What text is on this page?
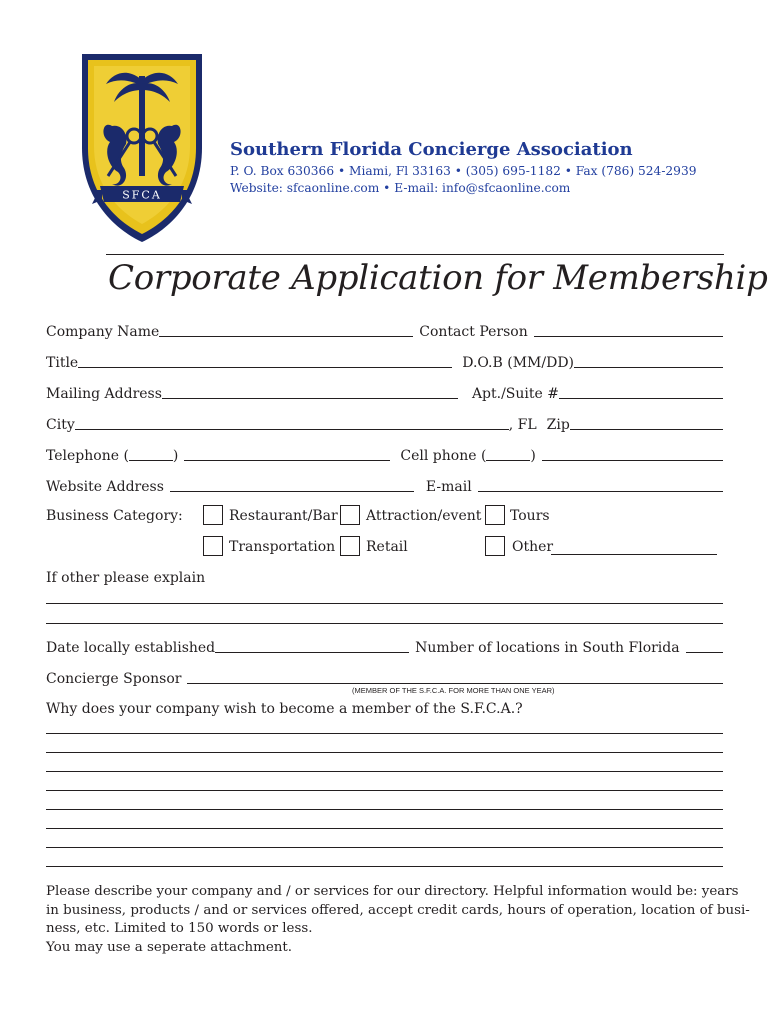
SFCA
Southern Florida Concierge Association
P. O. Box 630366 • Miami, Fl 33163 • (305) 695-1182 • Fax (786) 524-2939
Website: sfcaonline.com • E-mail: info@sfcaonline.com
Corporate Application for Membership
Company Name	Contact Person
Title	D.O.B (MM/DD)
Mailing Address	Apt./Suite #
City	, FL Zip
Telephone (	)	Cell phone (	)
Website Address	E-mail
Business Category:	Restaurant/Bar Attraction/event Tours
Transportation Retail	Other
If other please explain
Date locally established	Number of locations in South Florida
Concierge Sponsor
(MEMBER OF THE S.F.C.A. FOR MORE THAN ONE YEAR)
Why does your company wish to become a member of the S.F.C.A.?
Please describe your company and / or services for our directory. Helpful information would be: years
in business, products / and or services offered, accept credit cards, hours of operation, location of busi-
ness, etc. Limited to 150 words or less.
You may use a seperate attachment.
